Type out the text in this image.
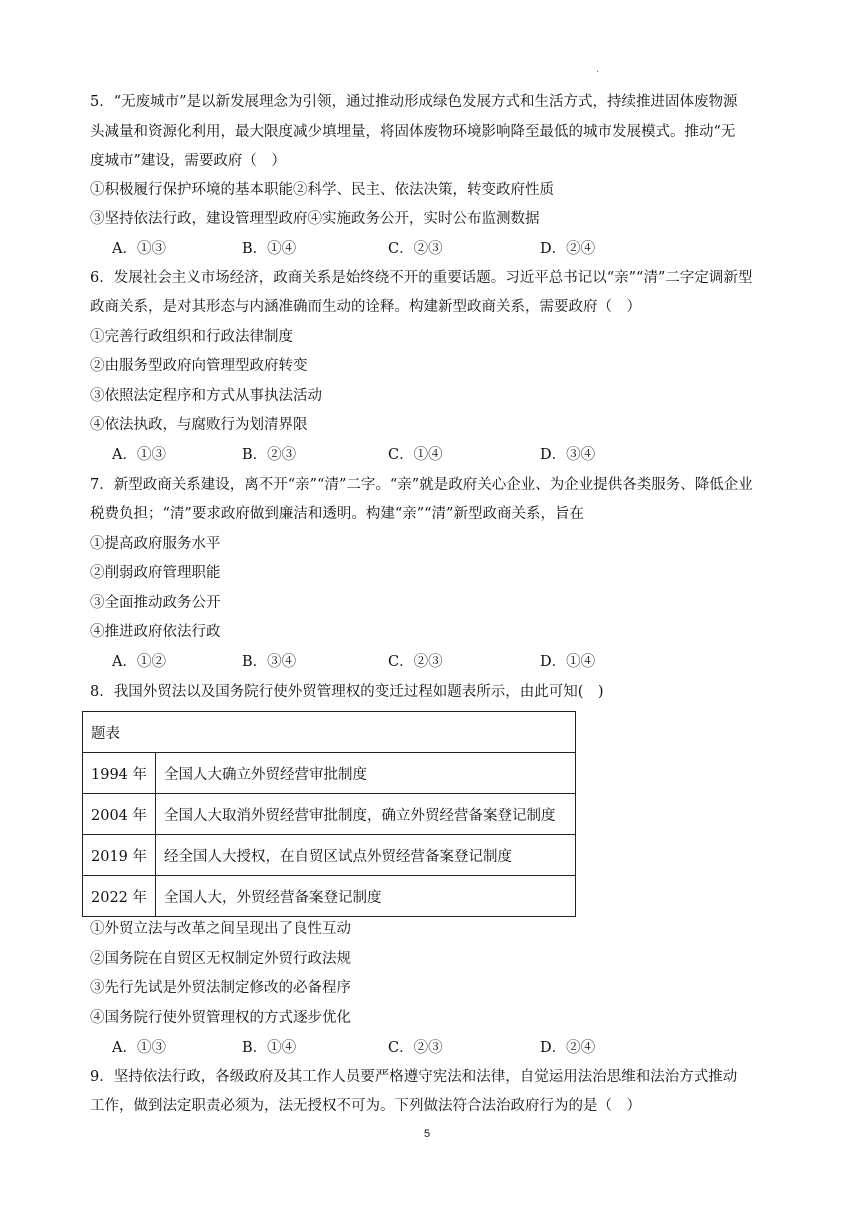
.
5．“无废城市”是以新发展理念为引领，通过推动形成绿色发展方式和生活方式，持续推进固体废物源
头减量和资源化利用，最大限度减少填埋量，将固体废物环境影响降至最低的城市发展模式。推动“无
度城市”建设，需要政府（　）
①积极履行保护环境的基本职能②科学、民主、依法决策，转变政府性质
③坚持依法行政，建设管理型政府④实施政务公开，实时公布监测数据
A．①③	B．①④	C．②③	D．②④
6．发展社会主义市场经济，政商关系是始终绕不开的重要话题。习近平总书记以“亲”“清”二字定调新型
政商关系，是对其形态与内涵准确而生动的诠释。构建新型政商关系，需要政府（　）
①完善行政组织和行政法律制度
②由服务型政府向管理型政府转变
③依照法定程序和方式从事执法活动
④依法执政，与腐败行为划清界限
A．①③	B．②③	C．①④	D．③④
7．新型政商关系建设，离不开“亲”“清”二字。“亲”就是政府关心企业、为企业提供各类服务、降低企业
税费负担；“清”要求政府做到廉洁和透明。构建“亲”“清”新型政商关系，旨在
①提高政府服务水平
②削弱政府管理职能
③全面推动政务公开
④推进政府依法行政
A．①②	B．③④	C．②③	D．①④
8．我国外贸法以及国务院行使外贸管理权的变迁过程如题表所示，由此可知(　)
题表	
1994 年	全国人大确立外贸经营审批制度
2004 年	全国人大取消外贸经营审批制度，确立外贸经营备案登记制度
2019 年	经全国人大授权，在自贸区试点外贸经营备案登记制度
2022 年	全国人大，外贸经营备案登记制度
①外贸立法与改革之间呈现出了良性互动
②国务院在自贸区无权制定外贸行政法规
③先行先试是外贸法制定修改的必备程序
④国务院行使外贸管理权的方式逐步优化
A．①③	B．①④	C．②③	D．②④
9．坚持依法行政，各级政府及其工作人员要严格遵守宪法和法律，自觉运用法治思维和法治方式推动
工作，做到法定职责必须为，法无授权不可为。下列做法符合法治政府行为的是（　）
5
